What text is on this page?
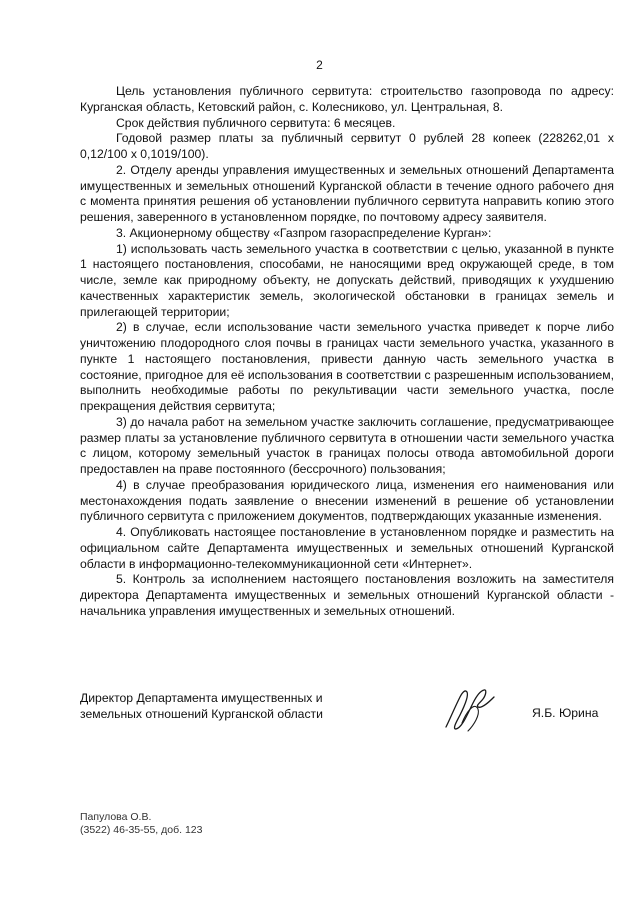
2

Цель установления публичного сервитута: строительство газопровода по адресу: Курганская область, Кетовский район, с. Колесниково, ул. Центральная, 8.

Срок действия публичного сервитута: 6 месяцев.

Годовой размер платы за публичный сервитут 0 рублей 28 копеек (228262,01 х 0,12/100 х 0,1019/100).

2. Отделу аренды управления имущественных и земельных отношений Департамента имущественных и земельных отношений Курганской области в течение одного рабочего дня с момента принятия решения об установлении публичного сервитута направить копию этого решения, заверенного в установленном порядке, по почтовому адресу заявителя.

3. Акционерному обществу «Газпром газораспределение Курган»:

1) использовать часть земельного участка в соответствии с целью, указанной в пункте 1 настоящего постановления, способами, не наносящими вред окружающей среде, в том числе, земле как природному объекту, не допускать действий, приводящих к ухудшению качественных характеристик земель, экологической обстановки в границах земель и прилегающей территории;

2) в случае, если использование части земельного участка приведет к порче либо уничтожению плодородного слоя почвы в границах части земельного участка, указанного в пункте 1 настоящего постановления, привести данную часть земельного участка в состояние, пригодное для её использования в соответствии с разрешенным использованием, выполнить необходимые работы по рекультивации части земельного участка, после прекращения действия сервитута;

3) до начала работ на земельном участке заключить соглашение, предусматривающее размер платы за установление публичного сервитута в отношении части земельного участка с лицом, которому земельный участок в границах полосы отвода автомобильной дороги предоставлен на праве постоянного (бессрочного) пользования;

4) в случае преобразования юридического лица, изменения его наименования или местонахождения подать заявление о внесении изменений в решение об установлении публичного сервитута с приложением документов, подтверждающих указанные изменения.

4. Опубликовать настоящее постановление в установленном порядке и разместить на официальном сайте Департамента имущественных и земельных отношений Курганской области в информационно-телекоммуникационной сети «Интернет».

5. Контроль за исполнением настоящего постановления возложить на заместителя директора Департамента имущественных и земельных отношений Курганской области - начальника управления имущественных и земельных отношений.

Директор Департамента имущественных и
земельных отношений Курганской области	Я.Б. Юрина
Папулова О.В.
(3522) 46-35-55, доб. 123
